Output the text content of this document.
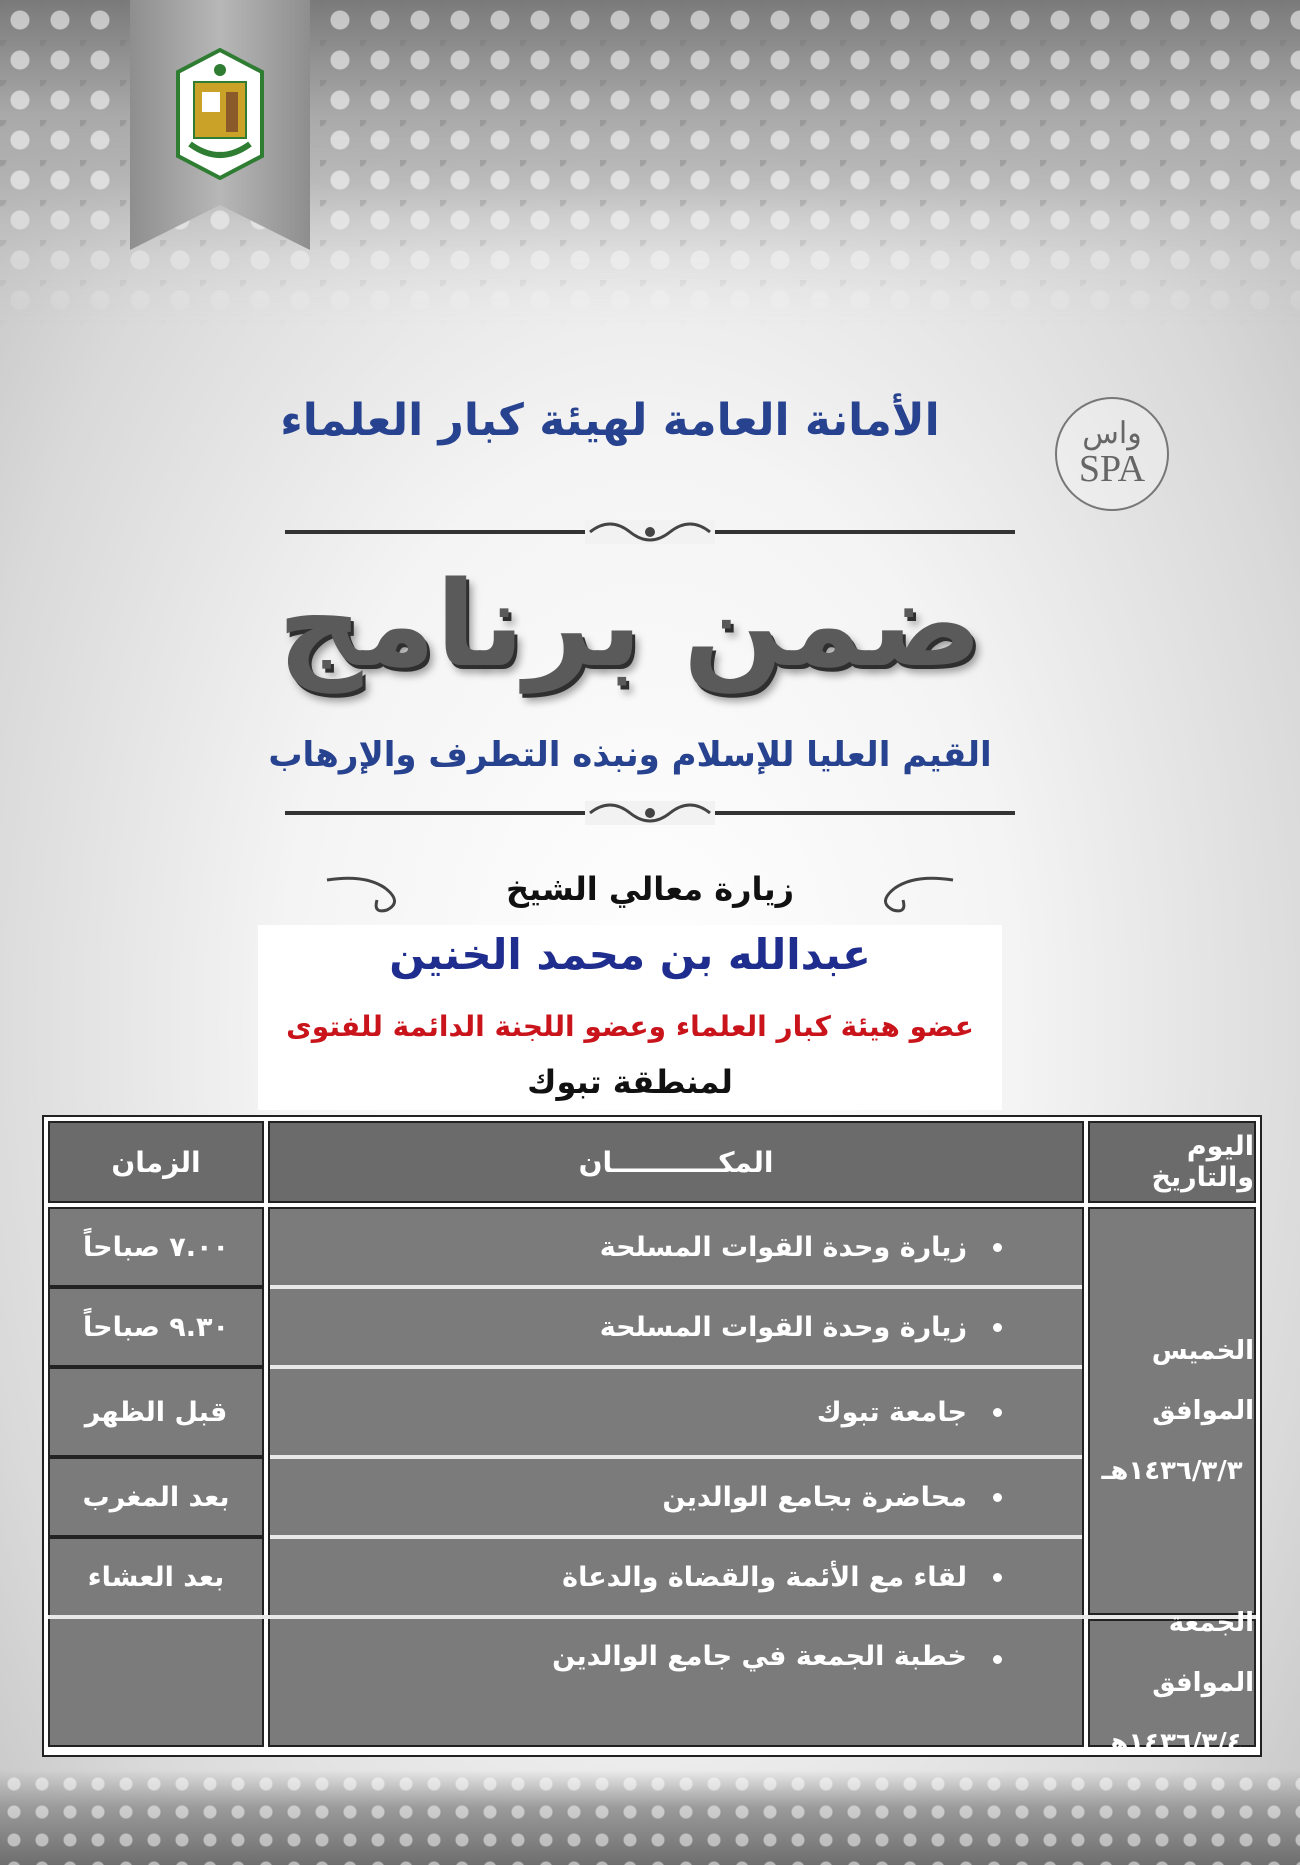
واس
SPA
الأمانة العامة لهيئة كبار العلماء
ضمن برنامج
القيم العليا للإسلام ونبذه التطرف والإرهاب
زيارة معالي الشيخ
عبدالله بن محمد الخنين
عضو هيئة كبار العلماء وعضو اللجنة الدائمة للفتوى
لمنطقة تبوك
الزمان	المكـــــــــــان	اليوم والتاريخ
٧.٠٠ صباحاً
٩.٣٠ صباحاً
قبل الظهر
بعد المغرب
بعد العشاء
زيارة وحدة القوات المسلحة
زيارة وحدة القوات المسلحة
جامعة تبوك
محاضرة بجامع الوالدين
لقاء مع الأئمة والقضاة والدعاة
خطبة الجمعة في جامع الوالدين
الخميس الموافق
١٤٣٦/٣/٣هـ
الجمعة الموافق
١٤٣٦/٣/٤هـ
